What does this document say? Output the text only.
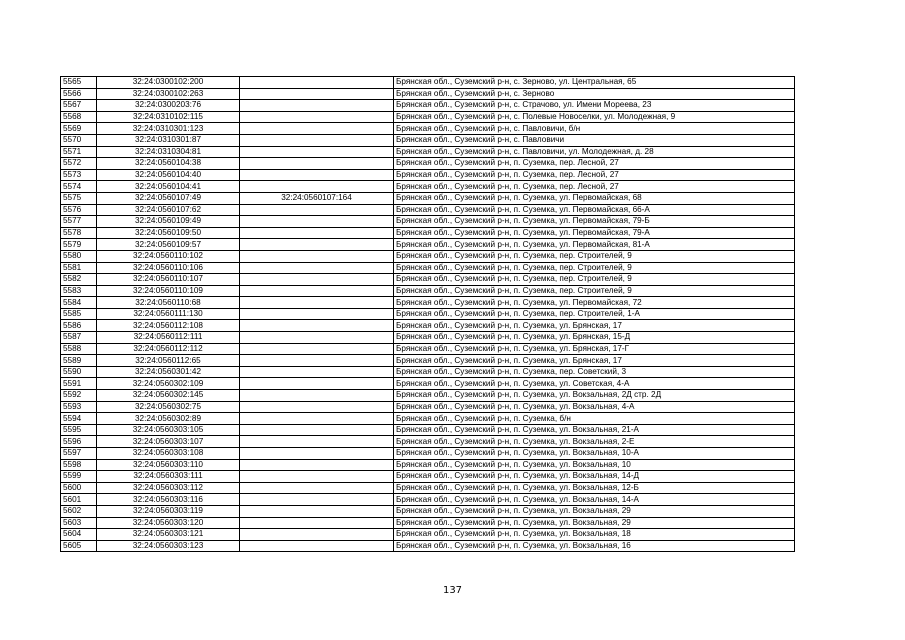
5565	32:24:0300102:200		Брянская обл., Суземский р-н, с. Зерново, ул. Центральная, 65
5566	32:24:0300102:263		Брянская обл., Суземский р-н, с. Зерново
5567	32:24:0300203:76		Брянская обл., Суземский р-н, с. Страчово, ул. Имени Мореева, 23
5568	32:24:0310102:115		Брянская обл., Суземский р-н, с. Полевые Новоселки, ул. Молодежная, 9
5569	32:24:0310301:123		Брянская обл., Суземский р-н, с. Павловичи, б/н
5570	32:24:0310301:87		Брянская обл., Суземский р-н, с. Павловичи
5571	32:24:0310304:81		Брянская обл., Суземский р-н, с. Павловичи, ул. Молодежная, д. 28
5572	32:24:0560104:38		Брянская обл., Суземский р-н, п. Суземка, пер. Лесной, 27
5573	32:24:0560104:40		Брянская обл., Суземский р-н, п. Суземка, пер. Лесной, 27
5574	32:24:0560104:41		Брянская обл., Суземский р-н, п. Суземка, пер. Лесной, 27
5575	32:24:0560107:49	32:24:0560107:164	Брянская обл., Суземский р-н, п. Суземка, ул. Первомайская, 68
5576	32:24:0560107:62		Брянская обл., Суземский р-н, п. Суземка, ул. Первомайская, 66-А
5577	32:24:0560109:49		Брянская обл., Суземский р-н, п. Суземка, ул. Первомайская, 79-Б
5578	32:24:0560109:50		Брянская обл., Суземский р-н, п. Суземка, ул. Первомайская, 79-А
5579	32:24:0560109:57		Брянская обл., Суземский р-н, п. Суземка, ул. Первомайская, 81-А
5580	32:24:0560110:102		Брянская обл., Суземский р-н, п. Суземка, пер. Строителей, 9
5581	32:24:0560110:106		Брянская обл., Суземский р-н, п. Суземка, пер. Строителей, 9
5582	32:24:0560110:107		Брянская обл., Суземский р-н, п. Суземка, пер. Строителей, 9
5583	32:24:0560110:109		Брянская обл., Суземский р-н, п. Суземка, пер. Строителей, 9
5584	32:24:0560110:68		Брянская обл., Суземский р-н, п. Суземка, ул. Первомайская, 72
5585	32:24:0560111:130		Брянская обл., Суземский р-н, п. Суземка, пер. Строителей, 1-А
5586	32:24:0560112:108		Брянская обл., Суземский р-н, п. Суземка, ул. Брянская, 17
5587	32:24:0560112:111		Брянская обл., Суземский р-н, п. Суземка, ул. Брянская, 15-Д
5588	32:24:0560112:112		Брянская обл., Суземский р-н, п. Суземка, ул. Брянская, 17-Г
5589	32:24:0560112:65		Брянская обл., Суземский р-н, п. Суземка, ул. Брянская, 17
5590	32:24:0560301:42		Брянская обл., Суземский р-н, п. Суземка, пер. Советский, 3
5591	32:24:0560302:109		Брянская обл., Суземский р-н, п. Суземка, ул. Советская, 4-А
5592	32:24:0560302:145		Брянская обл., Суземский р-н, п. Суземка, ул. Вокзальная, 2Д стр. 2Д
5593	32:24:0560302:75		Брянская обл., Суземский р-н, п. Суземка, ул. Вокзальная, 4-А
5594	32:24:0560302:89		Брянская обл., Суземский р-н, п. Суземка, б/н
5595	32:24:0560303:105		Брянская обл., Суземский р-н, п. Суземка, ул. Вокзальная, 21-А
5596	32:24:0560303:107		Брянская обл., Суземский р-н, п. Суземка, ул. Вокзальная, 2-Е
5597	32:24:0560303:108		Брянская обл., Суземский р-н, п. Суземка, ул. Вокзальная, 10-А
5598	32:24:0560303:110		Брянская обл., Суземский р-н, п. Суземка, ул. Вокзальная, 10
5599	32:24:0560303:111		Брянская обл., Суземский р-н, п. Суземка, ул. Вокзальная, 14-Д
5600	32:24:0560303:112		Брянская обл., Суземский р-н, п. Суземка, ул. Вокзальная, 12-Б
5601	32:24:0560303:116		Брянская обл., Суземский р-н, п. Суземка, ул. Вокзальная, 14-А
5602	32:24:0560303:119		Брянская обл., Суземский р-н, п. Суземка, ул. Вокзальная, 29
5603	32:24:0560303:120		Брянская обл., Суземский р-н, п. Суземка, ул. Вокзальная, 29
5604	32:24:0560303:121		Брянская обл., Суземский р-н, п. Суземка, ул. Вокзальная, 18
5605	32:24:0560303:123		Брянская обл., Суземский р-н, п. Суземка, ул. Вокзальная, 16
137
